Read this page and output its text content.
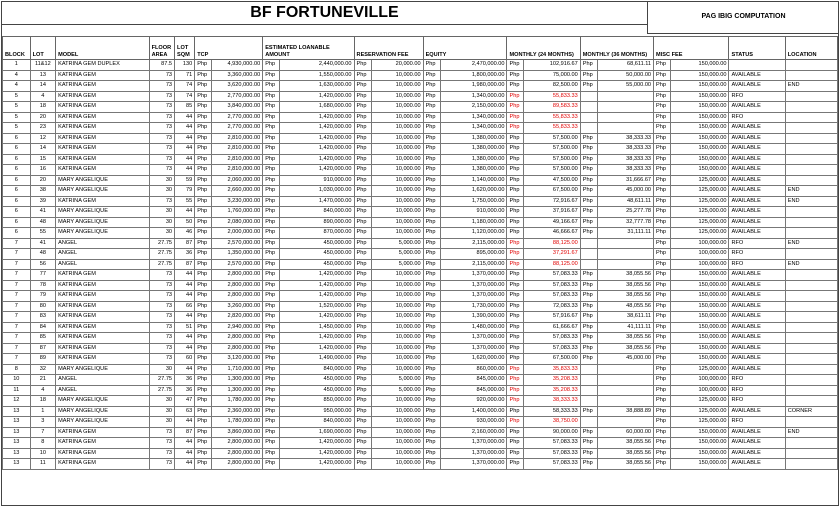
BF FORTUNEVILLE	PAG IBIG COMPUTATION
BLOCK	LOT	MODEL	FLOOR AREA	LOT SQM	TCP		ESTIMATED LOANABLE AMOUNT		RESERVATION FEE		EQUITY		MONTHLY (24 MONTHS)		MONTHLY (36 MONTHS)		MISC FEE		STATUS	LOCATION
1	11&12	KATRINA GEM DUPLEX	87.5	130	Php	4,930,000.00	Php	2,440,000.00	Php	20,000.00	Php	2,470,000.00	Php	102,916.67	Php	68,611.11	Php	150,000.00		
4	13	KATRINA GEM	73	71	Php	3,360,000.00	Php	1,550,000.00	Php	10,000.00	Php	1,800,000.00	Php	75,000.00	Php	50,000.00	Php	150,000.00	AVAILABLE	
4	14	KATRINA GEM	73	74	Php	3,620,000.00	Php	1,630,000.00	Php	10,000.00	Php	1,980,000.00	Php	82,500.00	Php	55,000.00	Php	150,000.00	AVAILABLE	END
5	4	KATRINA GEM	73	74	Php	2,770,000.00	Php	1,420,000.00	Php	10,000.00	Php	1,340,000.00	Php	55,833.33			Php	150,000.00	RFO	
5	18	KATRINA GEM	73	85	Php	3,840,000.00	Php	1,680,000.00	Php	10,000.00	Php	2,150,000.00	Php	89,583.33			Php	150,000.00	AVAILABLE	
5	20	KATRINA GEM	73	44	Php	2,770,000.00	Php	1,420,000.00	Php	10,000.00	Php	1,340,000.00	Php	55,833.33			Php	150,000.00	RFO	
5	23	KATRINA GEM	73	44	Php	2,770,000.00	Php	1,420,000.00	Php	10,000.00	Php	1,340,000.00	Php	55,833.33			Php	150,000.00	AVAILABLE	
6	12	KATRINA GEM	73	44	Php	2,810,000.00	Php	1,420,000.00	Php	10,000.00	Php	1,380,000.00	Php	57,500.00	Php	38,333.33	Php	150,000.00	AVAILABLE	
6	14	KATRINA GEM	73	44	Php	2,810,000.00	Php	1,420,000.00	Php	10,000.00	Php	1,380,000.00	Php	57,500.00	Php	38,333.33	Php	150,000.00	AVAILABLE	
6	15	KATRINA GEM	73	44	Php	2,810,000.00	Php	1,420,000.00	Php	10,000.00	Php	1,380,000.00	Php	57,500.00	Php	38,333.33	Php	150,000.00	AVAILABLE	
6	16	KATRINA GEM	73	44	Php	2,810,000.00	Php	1,420,000.00	Php	10,000.00	Php	1,380,000.00	Php	57,500.00	Php	38,333.33	Php	150,000.00	AVAILABLE	
6	20	MARY ANGELIQUE	30	59	Php	2,060,000.00	Php	910,000.00	Php	10,000.00	Php	1,140,000.00	Php	47,500.00	Php	31,666.67	Php	125,000.00	AVAILABLE	
6	38	MARY ANGELIQUE	30	79	Php	2,660,000.00	Php	1,030,000.00	Php	10,000.00	Php	1,620,000.00	Php	67,500.00	Php	45,000.00	Php	125,000.00	AVAILABLE	END
6	39	KATRINA GEM	73	55	Php	3,230,000.00	Php	1,470,000.00	Php	10,000.00	Php	1,750,000.00	Php	72,916.67	Php	48,611.11	Php	125,000.00	AVAILABLE	END
6	41	MARY ANGELIQUE	30	44	Php	1,760,000.00	Php	840,000.00	Php	10,000.00	Php	910,000.00	Php	37,916.67	Php	25,277.78	Php	125,000.00	AVAILABLE	
6	48	MARY ANGELIQUE	30	50	Php	2,080,000.00	Php	890,000.00	Php	10,000.00	Php	1,180,000.00	Php	49,166.67	Php	32,777.78	Php	125,000.00	AVAILABLE	
6	55	MARY ANGELIQUE	30	46	Php	2,000,000.00	Php	870,000.00	Php	10,000.00	Php	1,120,000.00	Php	46,666.67	Php	31,111.11	Php	125,000.00	AVAILABLE	
7	41	ANGEL	27.75	87	Php	2,570,000.00	Php	450,000.00	Php	5,000.00	Php	2,115,000.00	Php	88,125.00			Php	100,000.00	RFO	END
7	48	ANGEL	27.75	36	Php	1,350,000.00	Php	450,000.00	Php	5,000.00	Php	895,000.00	Php	37,291.67			Php	100,000.00	RFO	
7	56	ANGEL	27.75	87	Php	2,570,000.00	Php	450,000.00	Php	5,000.00	Php	2,115,000.00	Php	88,125.00			Php	100,000.00	RFO	END
7	77	KATRINA GEM	73	44	Php	2,800,000.00	Php	1,420,000.00	Php	10,000.00	Php	1,370,000.00	Php	57,083.33	Php	38,055.56	Php	150,000.00	AVAILABLE	
7	78	KATRINA GEM	73	44	Php	2,800,000.00	Php	1,420,000.00	Php	10,000.00	Php	1,370,000.00	Php	57,083.33	Php	38,055.56	Php	150,000.00	AVAILABLE	
7	79	KATRINA GEM	73	44	Php	2,800,000.00	Php	1,420,000.00	Php	10,000.00	Php	1,370,000.00	Php	57,083.33	Php	38,055.56	Php	150,000.00	AVAILABLE	
7	80	KATRINA GEM	73	66	Php	3,260,000.00	Php	1,520,000.00	Php	10,000.00	Php	1,730,000.00	Php	72,083.33	Php	48,055.56	Php	150,000.00	AVAILABLE	
7	83	KATRINA GEM	73	44	Php	2,820,000.00	Php	1,420,000.00	Php	10,000.00	Php	1,390,000.00	Php	57,916.67	Php	38,611.11	Php	150,000.00	AVAILABLE	
7	84	KATRINA GEM	73	51	Php	2,940,000.00	Php	1,450,000.00	Php	10,000.00	Php	1,480,000.00	Php	61,666.67	Php	41,111.11	Php	150,000.00	AVAILABLE	
7	85	KATRINA GEM	73	44	Php	2,800,000.00	Php	1,420,000.00	Php	10,000.00	Php	1,370,000.00	Php	57,083.33	Php	38,055.56	Php	150,000.00	AVAILABLE	
7	87	KATRINA GEM	73	44	Php	2,800,000.00	Php	1,420,000.00	Php	10,000.00	Php	1,370,000.00	Php	57,083.33	Php	38,055.56	Php	150,000.00	AVAILABLE	
7	89	KATRINA GEM	73	60	Php	3,120,000.00	Php	1,490,000.00	Php	10,000.00	Php	1,620,000.00	Php	67,500.00	Php	45,000.00	Php	150,000.00	AVAILABLE	
8	32	MARY ANGELIQUE	30	44	Php	1,710,000.00	Php	840,000.00	Php	10,000.00	Php	860,000.00	Php	35,833.33			Php	125,000.00	AVAILABLE	
10	21	ANGEL	27.75	36	Php	1,300,000.00	Php	450,000.00	Php	5,000.00	Php	845,000.00	Php	35,208.33			Php	100,000.00	RFO	
11	4	ANGEL	27.75	36	Php	1,300,000.00	Php	450,000.00	Php	5,000.00	Php	845,000.00	Php	35,208.33			Php	100,000.00	RFO	
12	18	MARY ANGELIQUE	30	47	Php	1,780,000.00	Php	850,000.00	Php	10,000.00	Php	920,000.00	Php	38,333.33			Php	125,000.00	RFO	
13	1	MARY ANGELIQUE	30	63	Php	2,360,000.00	Php	950,000.00	Php	10,000.00	Php	1,400,000.00	Php	58,333.33	Php	38,888.89	Php	125,000.00	AVAILABLE	CORNER
13	3	MARY ANGELIQUE	30	44	Php	1,780,000.00	Php	840,000.00	Php	10,000.00	Php	930,000.00	Php	38,750.00			Php	125,000.00	RFO	
13	7	KATRINA GEM	73	87	Php	3,860,000.00	Php	1,690,000.00	Php	10,000.00	Php	2,160,000.00	Php	90,000.00	Php	60,000.00	Php	150,000.00	AVAILABLE	END
13	8	KATRINA GEM	73	44	Php	2,800,000.00	Php	1,420,000.00	Php	10,000.00	Php	1,370,000.00	Php	57,083.33	Php	38,055.56	Php	150,000.00	AVAILABLE	
13	10	KATRINA GEM	73	44	Php	2,800,000.00	Php	1,420,000.00	Php	10,000.00	Php	1,370,000.00	Php	57,083.33	Php	38,055.56	Php	150,000.00	AVAILABLE	
13	11	KATRINA GEM	73	44	Php	2,800,000.00	Php	1,420,000.00	Php	10,000.00	Php	1,370,000.00	Php	57,083.33	Php	38,055.56	Php	150,000.00	AVAILABLE	
